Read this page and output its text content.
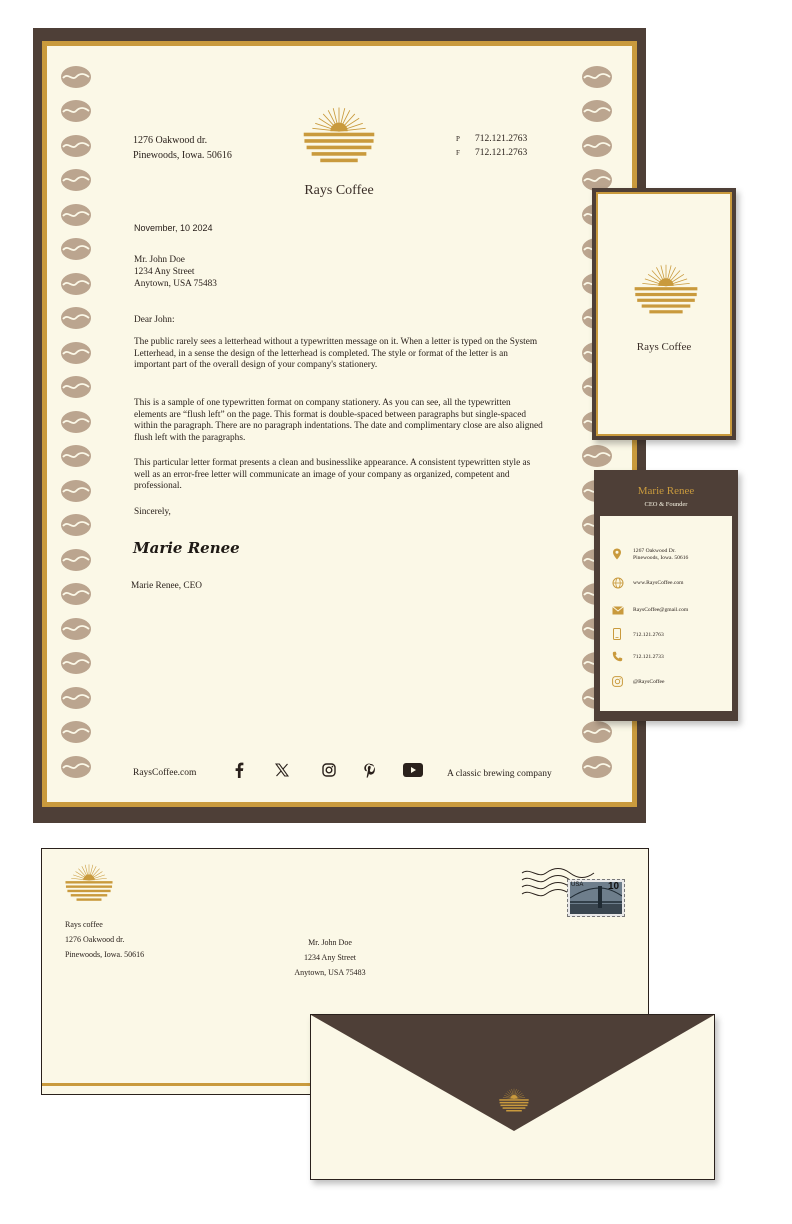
1276 Oakwood dr.
Pinewoods, Iowa. 50616
Rays Coffee
P 712.121.2763
F 712.121.2763
November, 10 2024
Mr. John Doe
1234 Any Street
Anytown, USA 75483
Dear John:
The public rarely sees a letterhead without a typewritten message on it. When a letter is typed on the System Letterhead, in a sense the design of the letterhead is completed. The style or format of the letter is an important part of the overall design of your company's stationery.
This is a sample of one typewritten format on company stationery. As you can see, all the typewritten elements are “flush left” on the page. This format is double-spaced between paragraphs but single-spaced within the paragraph. There are no paragraph indentations. The date and complimentary close are also aligned flush left with the paragraphs.
This particular letter format presents a clean and businesslike appearance. A consistent typewritten style as well as an error-free letter will communicate an image of your company as organized, competent and professional.
Sincerely,
Marie Renee
Marie Renee, CEO
RaysCoffee.com	A classic brewing company
Rays Coffee
Marie Renee
CEO & Founder
1267 Oakwood Dr.
Pinewoods, Iowa. 50616
www.RaysCoffee.com
RaysCoffee@gmail.com
712.121.2763
712.121.2733
@RaysCoffee
Rays coffee
1276 Oakwood dr.
Pinewoods, Iowa. 50616
Mr. John Doe
1234 Any Street
Anytown, USA 75483
10
USA
